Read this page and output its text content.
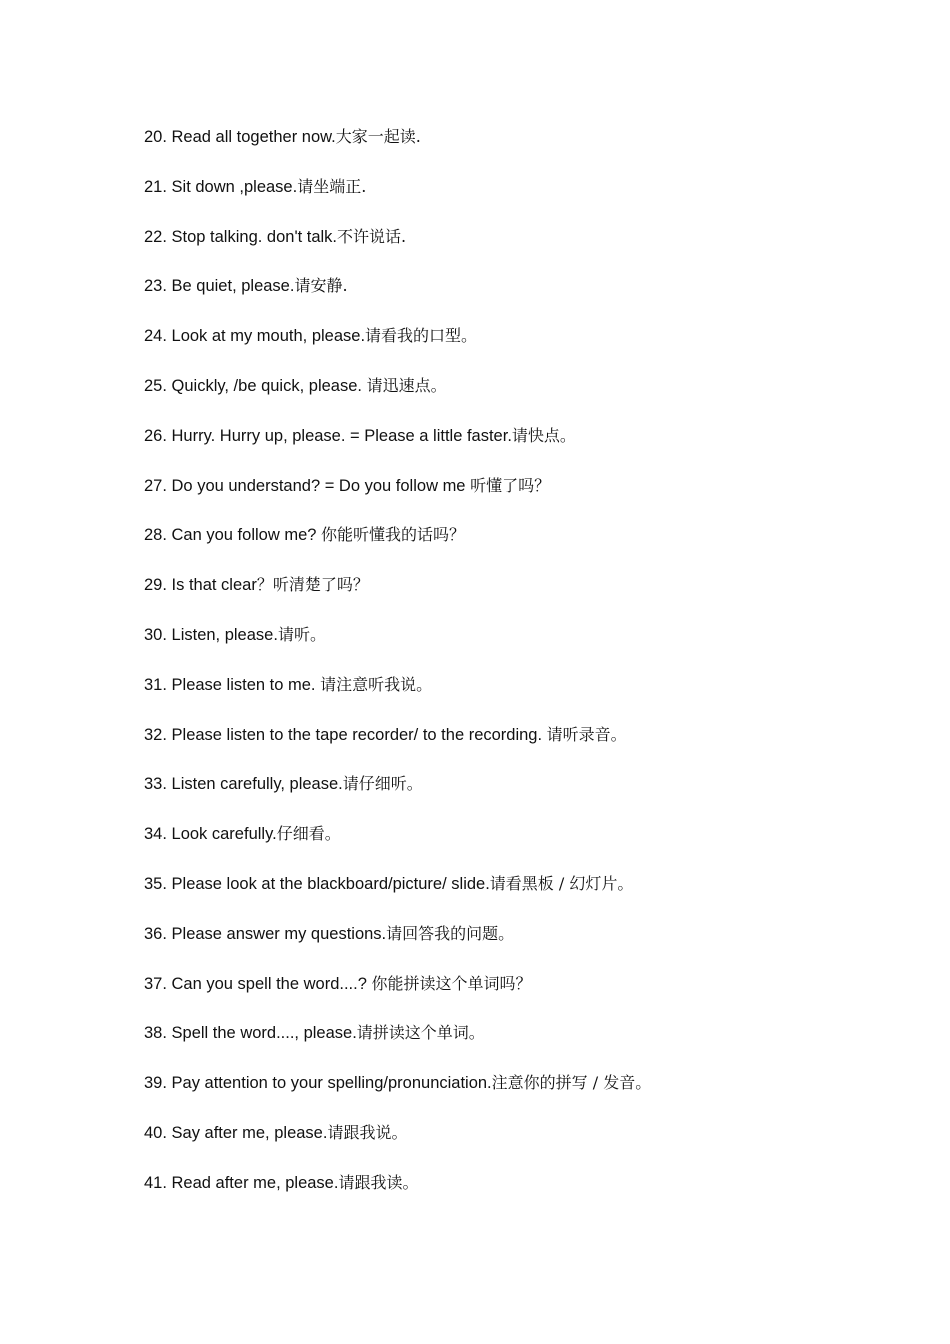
20. Read all together now.大家一起读.
21. Sit down ,please.请坐端正.
22. Stop talking. don't talk.不许说话.
23. Be quiet, please.请安静.
24. Look at my mouth, please.请看我的口型。
25. Quickly, /be quick, please. 请迅速点。
26. Hurry. Hurry up, please. = Please a little faster.请快点。
27. Do you understand? = Do you follow me 听懂了吗？
28. Can you follow me? 你能听懂我的话吗？
29. Is that clear？听清楚了吗？
30. Listen, please.请听。
31. Please listen to me. 请注意听我说。
32. Please listen to the tape recorder/ to the recording. 请听录音。
33. Listen carefully, please.请仔细听。
34. Look carefully.仔细看。
35. Please look at the blackboard/picture/ slide.请看黑板 / 幻灯片。
36. Please answer my questions.请回答我的问题。
37. Can you spell the word....? 你能拼读这个单词吗？
38. Spell the word...., please.请拼读这个单词。
39. Pay attention to your spelling/pronunciation.注意你的拼写 / 发音。
40. Say after me, please.请跟我说。
41. Read after me, please.请跟我读。
